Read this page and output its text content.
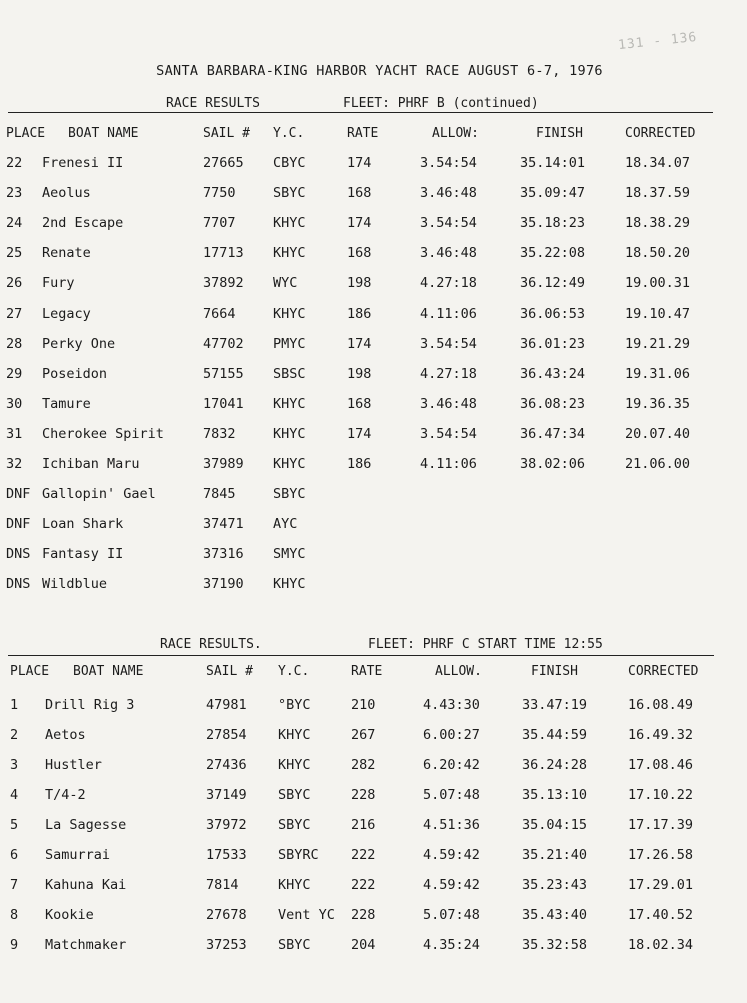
131 - 136
SANTA BARBARA-KING HARBOR YACHT RACE AUGUST 6-7, 1976
RACE RESULTS	FLEET: PHRF B (continued)
PLACE BOAT NAME	SAIL # Y.C.	RATE	ALLOW:	FINISH	CORRECTED
22 Frenesi II	27665 CBYC	174	3.54:54	35.14:01	18.34.07
23 Aeolus	7750	SBYC	168	3.46:48	35.09:47	18.37.59
24 2nd Escape	7707	KHYC	174	3.54:54	35.18:23	18.38.29
25 Renate	17713 KHYC	168	3.46:48	35.22:08	18.50.20
26 Fury	37892 WYC	198	4.27:18	36.12:49	19.00.31
27 Legacy	7664	KHYC	186	4.11:06	36.06:53	19.10.47
28 Perky One	47702 PMYC	174	3.54:54	36.01:23	19.21.29
29 Poseidon	57155 SBSC	198	4.27:18	36.43:24	19.31.06
30 Tamure	17041 KHYC	168	3.46:48	36.08:23	19.36.35
31 Cherokee Spirit	7832	KHYC	174	3.54:54	36.47:34	20.07.40
32 Ichiban Maru	37989 KHYC	186	4.11:06	38.02:06	21.06.00
DNF Gallopin' Gael	7845	SBYC
DNF Loan Shark	37471 AYC
DNS Fantasy II	37316 SMYC
DNS Wildblue	37190 KHYC
RACE RESULTS.	FLEET: PHRF C START TIME 12:55
PLACE BOAT NAME	SAIL # Y.C.	RATE	ALLOW.	FINISH	CORRECTED
1 Drill Rig 3	47981 °BYC	210	4.43:30	33.47:19	16.08.49
2 Aetos	27854 KHYC	267	6.00:27	35.44:59	16.49.32
3 Hustler	27436 KHYC	282	6.20:42	36.24:28	17.08.46
4 T/4-2	37149 SBYC	228	5.07:48	35.13:10	17.10.22
5 La Sagesse	37972 SBYC	216	4.51:36	35.04:15	17.17.39
6 Samurrai	17533 SBYRC 222	4.59:42	35.21:40	17.26.58
7 Kahuna Kai	7814	KHYC	222	4.59:42	35.23:43	17.29.01
8 Kookie	27678 Vent YC 228	5.07:48	35.43:40	17.40.52
9 Matchmaker	37253 SBYC	204	4.35:24	35.32:58	18.02.34
